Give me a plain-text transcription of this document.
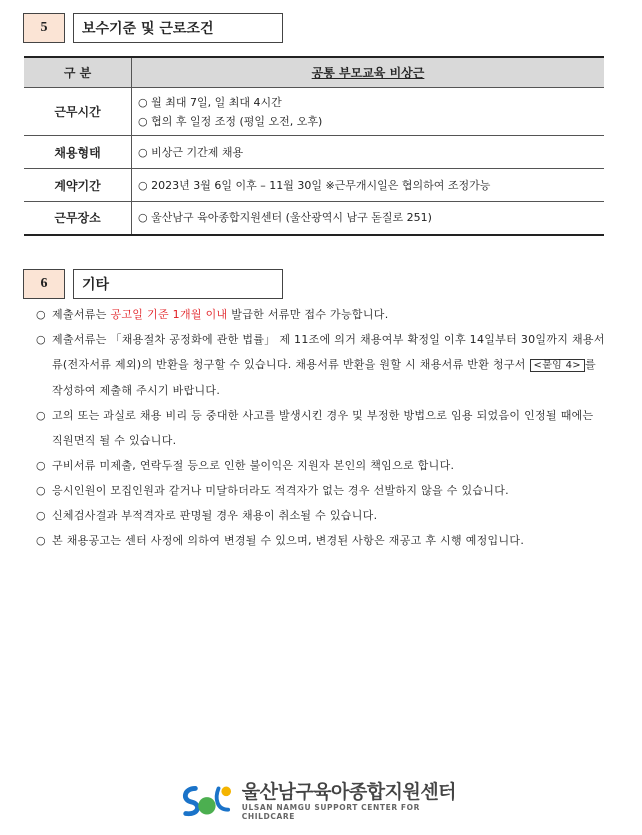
5	보수기준 및 근로조건
구 분	공통 부모교육 비상근
근무시간	○ 월 최대 7일, 일 최대 4시간
○ 협의 후 일정 조정 (평일 오전, 오후)

채용형태	○ 비상근 기간제 채용
계약기간	○ 2023년 3월 6일 이후 – 11월 30일 ※근무개시일은 협의하여 조정가능
근무장소	○ 울산남구 육아종합지원센터 (울산광역시 남구 돋질로 251)
6	기타
○ 제출서류는 공고일 기준 1개월 이내 발급한 서류만 접수 가능합니다.
○ 제출서류는 「채용절차 공정화에 관한 법률」 제 11조에 의거 채용여부 확정일 이후 14일부터 30일까지 채용서류(전자서류 제외)의 반환을 청구할 수 있습니다. 채용서류 반환을 원할 시 채용서류 반환 청구서 <붙임 4> 를 작성하여 제출해 주시기 바랍니다.
○ 고의 또는 과실로 채용 비리 등 중대한 사고를 발생시킨 경우 및 부정한 방법으로 임용 되었음이 인정될 때에는 직원면직 될 수 있습니다.
○ 구비서류 미제출, 연락두절 등으로 인한 불이익은 지원자 본인의 책임으로 합니다.
○ 응시인원이 모집인원과 같거나 미달하더라도 적격자가 없는 경우 선발하지 않을 수 있습니다.
○ 신체검사결과 부적격자로 판명될 경우 채용이 취소될 수 있습니다.
○ 본 채용공고는 센터 사정에 의하여 변경될 수 있으며, 변경된 사항은 재공고 후 시행 예정입니다.
울산남구육아종합지원센터
ULSAN NAMGU SUPPORT CENTER FOR CHILDCARE
